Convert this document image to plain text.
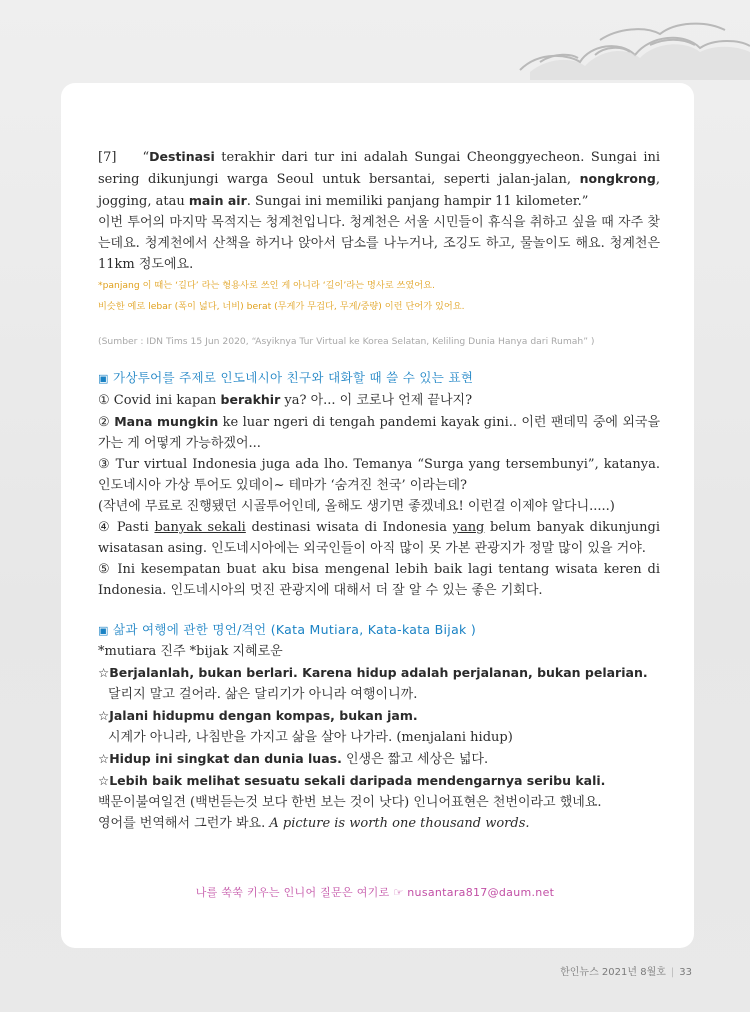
[7] “Destinasi terakhir dari tur ini adalah Sungai Cheonggyecheon. Sungai ini sering dikunjungi warga Seoul untuk bersantai, seperti jalan-jalan, nongkrong, jogging, atau main air. Sungai ini memiliki panjang hampir 11 kilometer.”

이번 투어의 마지막 목적지는 청계천입니다. 청계천은 서울 시민들이 휴식을 취하고 싶을 때 자주 찾는데요. 청계천에서 산책을 하거나 앉아서 담소를 나누거나, 조깅도 하고, 물놀이도 해요. 청계천은 11km 정도에요.

*panjang 이 때는 ‘길다’ 라는 형용사로 쓰인 게 아니라 ‘길이’라는 명사로 쓰였어요.

비슷한 예로 lebar (폭이 넓다, 너비) berat (무게가 무겁다, 무게/중량) 이런 단어가 있어요.

(Sumber : IDN Tims 15 Jun 2020, “Asyiknya Tur Virtual ke Korea Selatan, Keliling Dunia Hanya dari Rumah” )

▣ 가상투어를 주제로 인도네시아 친구와 대화할 때 쓸 수 있는 표현

① Covid ini kapan berakhir ya? 아... 이 코로나 언제 끝나지?

② Mana mungkin ke luar ngeri di tengah pandemi kayak gini.. 이런 팬데믹 중에 외국을 가는 게 어떻게 가능하겠어...

③ Tur virtual Indonesia juga ada lho. Temanya “Surga yang tersembunyi”, katanya. 인도네시아 가상 투어도 있데이~ 테마가 ‘숨겨진 천국’ 이라는데?

(작년에 무료로 진행됐던 시골투어인데, 올해도 생기면 좋겠네요! 이런걸 이제야 알다니.....)

④ Pasti banyak sekali destinasi wisata di Indonesia yang belum banyak dikunjungi wisatasan asing. 인도네시아에는 외국인들이 아직 많이 못 가본 관광지가 정말 많이 있을 거야.

⑤ Ini kesempatan buat aku bisa mengenal lebih baik lagi tentang wisata keren di Indonesia. 인도네시아의 멋진 관광지에 대해서 더 잘 알 수 있는 좋은 기회다.

▣ 삶과 여행에 관한 명언/격언 (Kata Mutiara, Kata-kata Bijak )

*mutiara 진주 *bijak 지혜로운

☆Berjalanlah, bukan berlari. Karena hidup adalah perjalanan, bukan pelarian.

달리지 말고 걸어라. 삶은 달리기가 아니라 여행이니까.

☆Jalani hidupmu dengan kompas, bukan jam.

시계가 아니라, 나침반을 가지고 삶을 살아 나가라. (menjalani hidup)

☆Hidup ini singkat dan dunia luas. 인생은 짧고 세상은 넓다.

☆Lebih baik melihat sesuatu sekali daripada mendengarnya seribu kali.

백문이불여일견 (백번듣는것 보다 한번 보는 것이 낫다) 인니어표현은 천번이라고 했네요.

영어를 번역해서 그런가 봐요. A picture is worth one thousand words.

나를 쑥쑥 키우는 인니어 질문은 여기로 ☞ nusantara817@daum.net
한인뉴스 2021년 8월호 | 33
